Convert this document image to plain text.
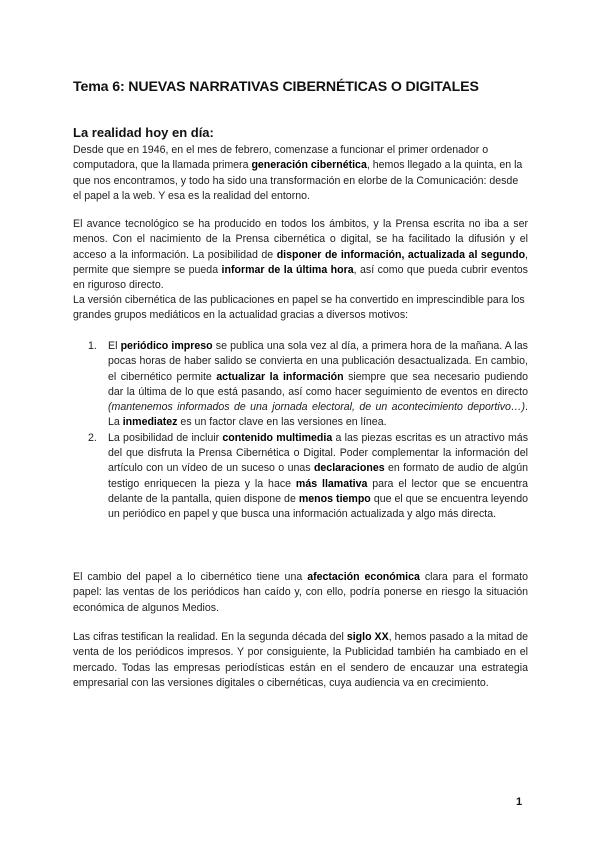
Tema 6: NUEVAS NARRATIVAS CIBERNÉTICAS O DIGITALES
La realidad hoy en día:

Desde que en 1946, en el mes de febrero, comenzase a funcionar el primer ordenador o computadora, que la llamada primera generación cibernética, hemos llegado a la quinta, en la que nos encontramos, y todo ha sido una transformación en elorbe de la Comunicación: desde el papel a la web. Y esa es la realidad del entorno.

El avance tecnológico se ha producido en todos los ámbitos, y la Prensa escrita no iba a ser menos. Con el nacimiento de la Prensa cibernética o digital, se ha facilitado la difusión y el acceso a la información. La posibilidad de disponer de información, actualizada al segundo, permite que siempre se pueda informar de la última hora, así como que pueda cubrir eventos en riguroso directo.

La versión cibernética de las publicaciones en papel se ha convertido en imprescindible para los grandes grupos mediáticos en la actualidad gracias a diversos motivos:

1. El periódico impreso se publica una sola vez al día, a primera hora de la mañana. A las pocas horas de haber salido se convierta en una publicación desactualizada. En cambio, el cibernético permite actualizar la información siempre que sea necesario pudiendo dar la última de lo que está pasando, así como hacer seguimiento de eventos en directo (mantenemos informados de una jornada electoral, de un acontecimiento deportivo…). La inmediatez es un factor clave en las versiones en línea.
2. La posibilidad de incluir contenido multimedia a las piezas escritas es un atractivo más del que disfruta la Prensa Cibernética o Digital. Poder complementar la información del artículo con un vídeo de un suceso o unas declaraciones en formato de audio de algún testigo enriquecen la pieza y la hace más llamativa para el lector que se encuentra delante de la pantalla, quien dispone de menos tiempo que el que se encuentra leyendo un periódico en papel y que busca una información actualizada y algo más directa.

El cambio del papel a lo cibernético tiene una afectación económica clara para el formato papel: las ventas de los periódicos han caído y, con ello, podría ponerse en riesgo la situación económica de algunos Medios.

Las cifras testifican la realidad. En la segunda década del siglo XX, hemos pasado a la mitad de venta de los periódicos impresos. Y por consiguiente, la Publicidad también ha cambiado en el mercado. Todas las empresas periodísticas están en el sendero de encauzar una estrategia empresarial con las versiones digitales o cibernéticas, cuya audiencia va en crecimiento.

1
